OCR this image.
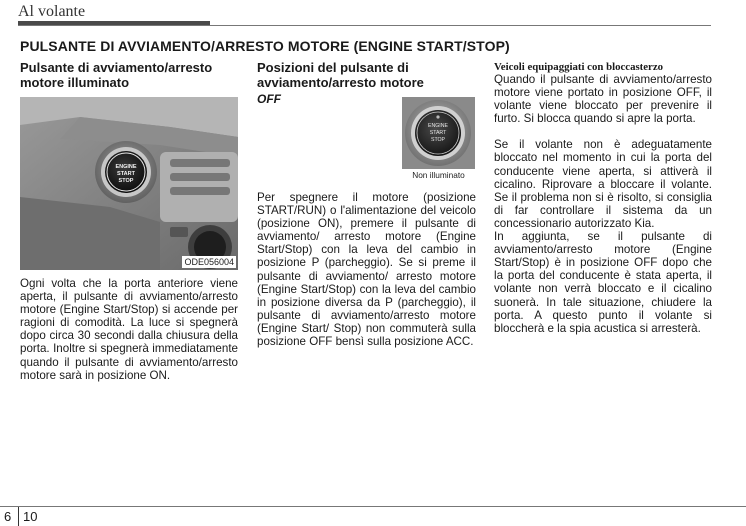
Al volante
PULSANTE DI AVVIAMENTO/ARRESTO MOTORE (ENGINE START/STOP)
Pulsante di avviamento/arresto motore illuminato
ENGINE
START
STOP
ODE056004

Ogni volta che la porta anteriore viene aperta, il pulsante di avviamento/arresto motore (Engine Start/Stop) si accende per ragioni di comodità. La luce si spegnerà dopo circa 30 secondi dalla chiusura della porta. Inoltre si spegnerà immediatamente quando il pulsante di avviamento/arresto motore sarà in posizione ON.

Posizioni del pulsante di avviamento/arresto motore
OFF
ENGINE
START
STOP
Non illuminato

Per spegnere il motore (posizione START/RUN) o l'alimentazione del veicolo (posizione ON), premere il pulsante di avviamento/ arresto motore (Engine Start/Stop) con la leva del cambio in posizione P (parcheggio). Se si preme il pulsante di avviamento/ arresto motore (Engine Start/Stop) con la leva del cambio in posizione diversa da P (parcheggio), il pulsante di avviamento/arresto motore (Engine Start/ Stop) non commuterà sulla posizione OFF bensì sulla posizione ACC.

Veicoli equipaggiati con bloccasterzo

Quando il pulsante di avviamento/arresto motore viene portato in posizione OFF, il volante viene bloccato per prevenire il furto. Si blocca quando si apre la porta.

Se il volante non è adeguatamente bloccato nel momento in cui la porta del conducente viene aperta, si attiverà il cicalino. Riprovare a bloccare il volante. Se il problema non si è risolto, si consiglia di far controllare il sistema da un concessionario autorizzato Kia.

In aggiunta, se il pulsante di avviamento/arresto motore (Engine Start/Stop) è in posizione OFF dopo che la porta del conducente è stata aperta, il volante non verrà bloccato e il cicalino suonerà. In tale situazione, chiudere la porta. A questo punto il volante si bloccherà e la spia acustica si arresterà.

6 10
